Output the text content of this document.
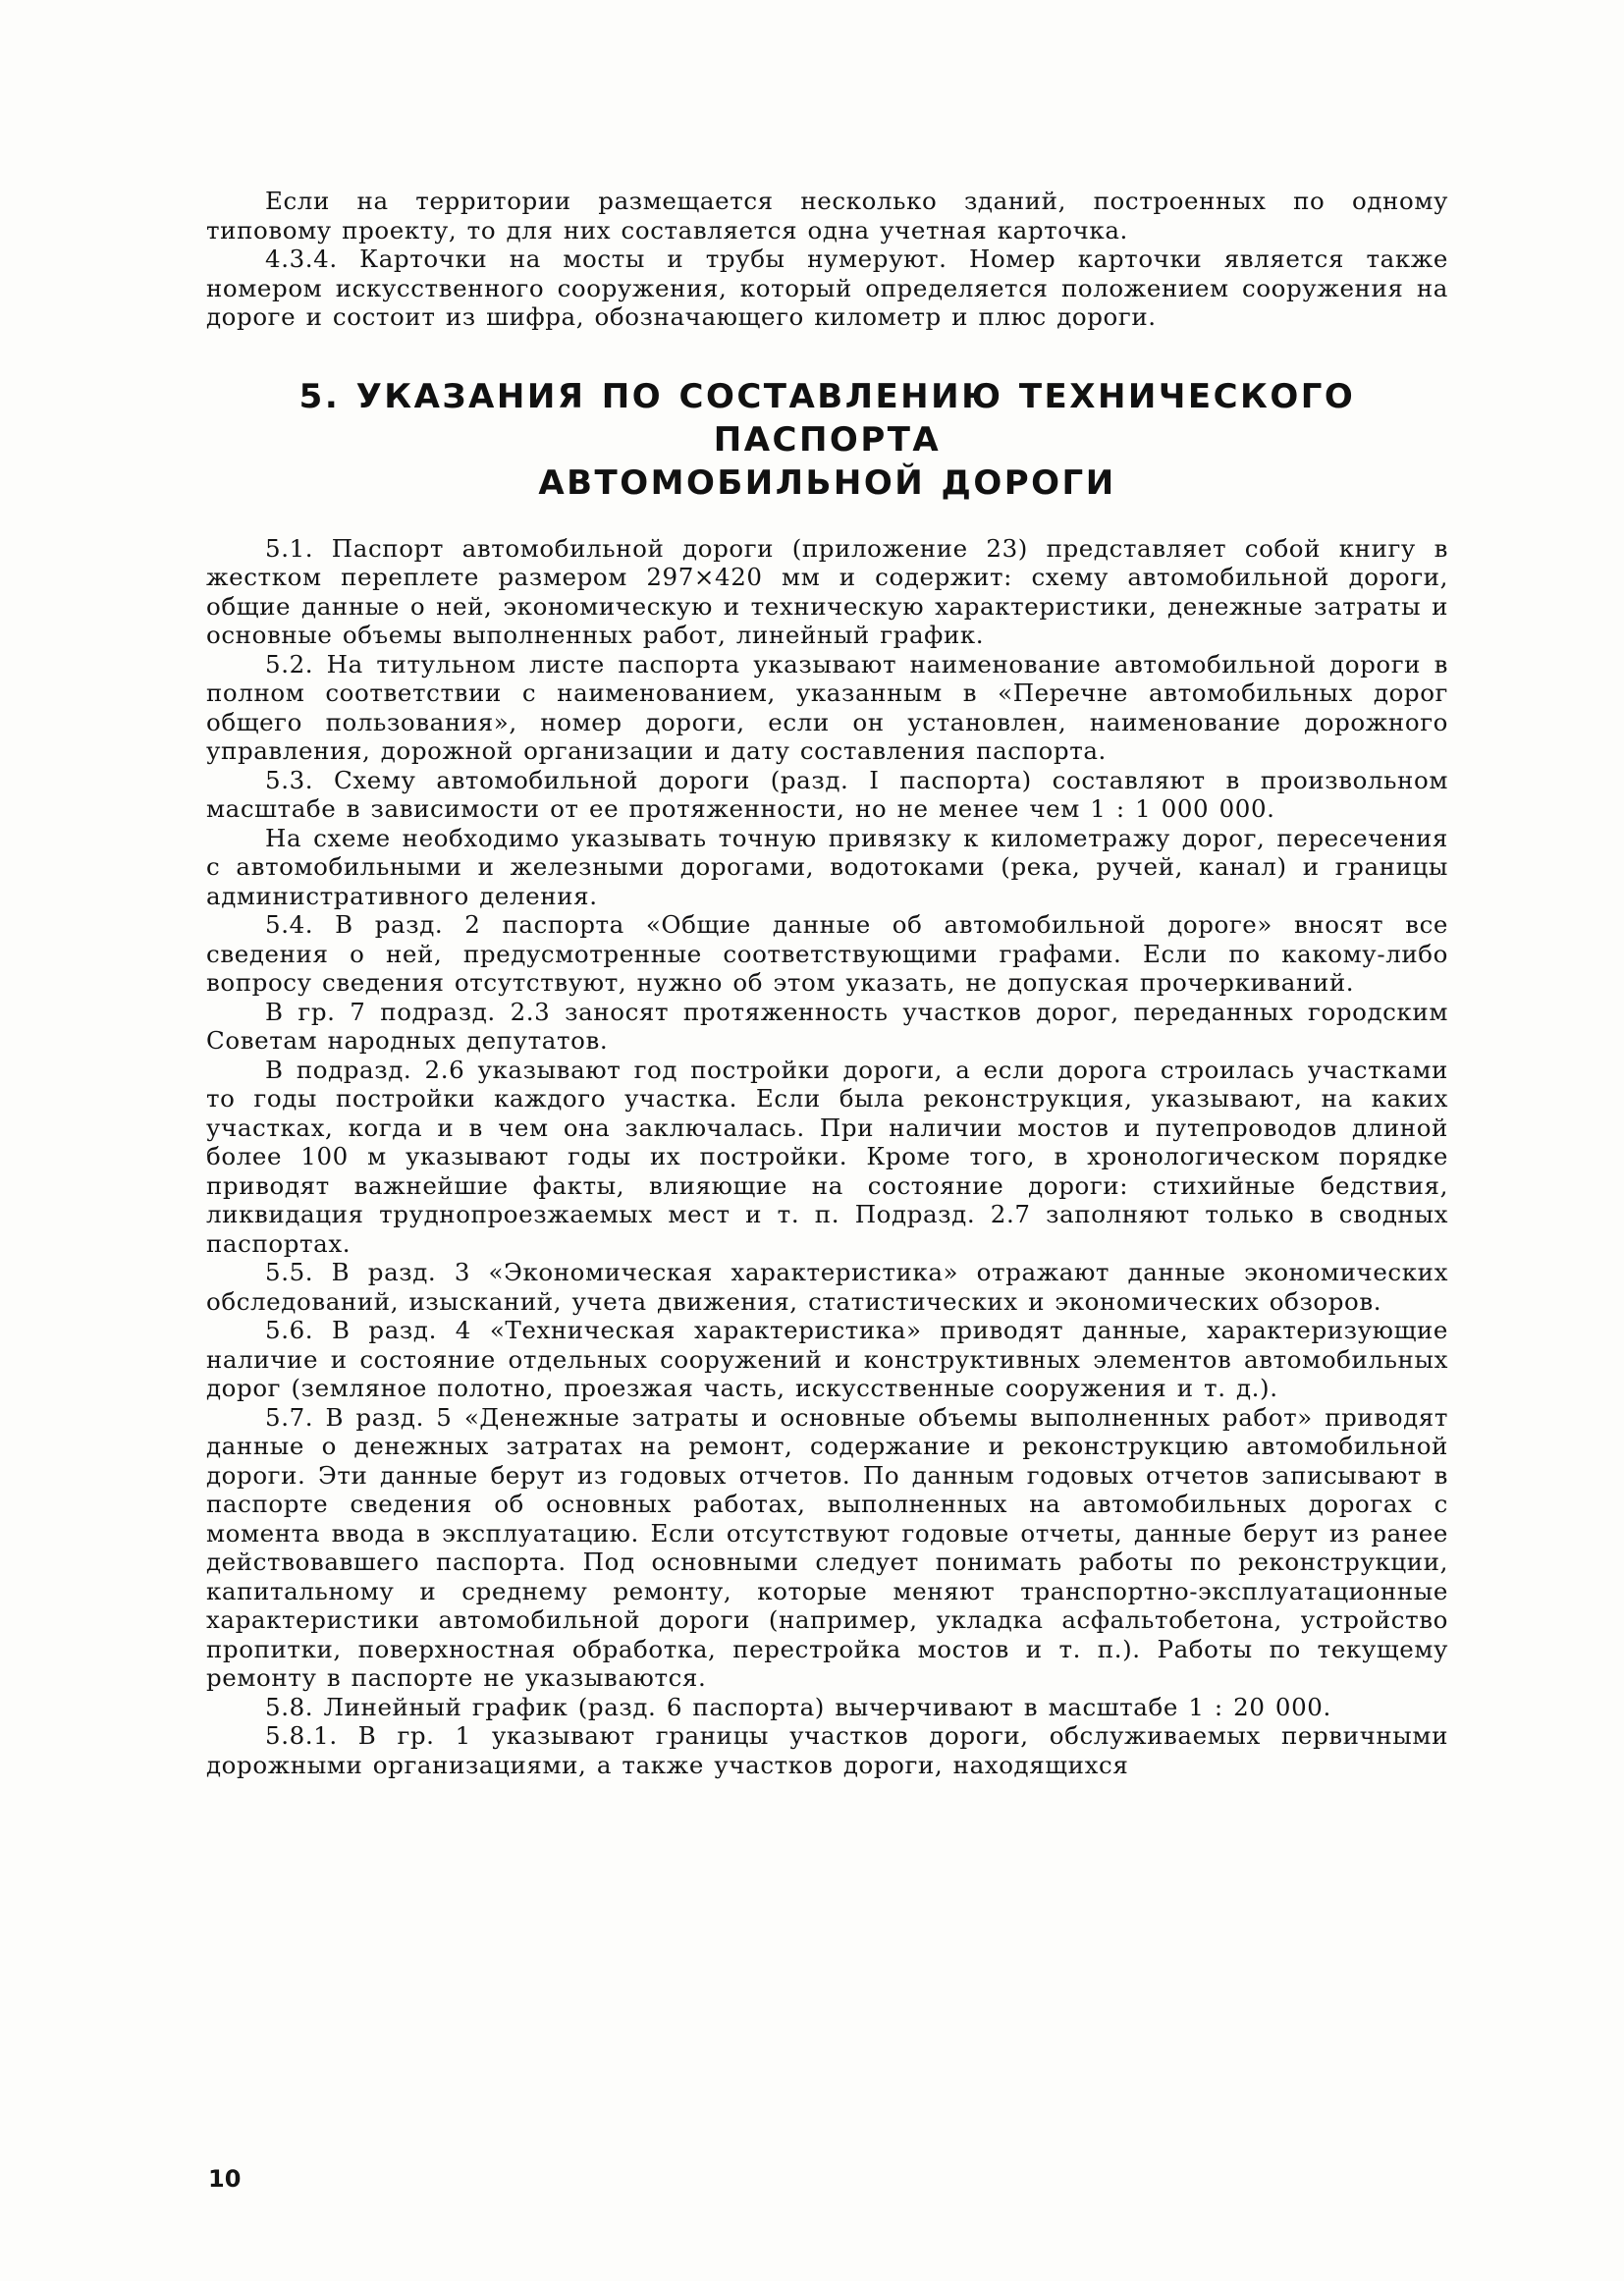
Если на территории размещается несколько зданий, построенных по одному типовому проекту, то для них составляется одна учетная карточка.

4.3.4. Карточки на мосты и трубы нумеруют. Номер карточки является также номером искусственного сооружения, который определяется положением сооружения на дороге и состоит из шифра, обозначающего километр и плюс дороги.

5. УКАЗАНИЯ ПО СОСТАВЛЕНИЮ ТЕХНИЧЕСКОГО ПАСПОРТА
АВТОМОБИЛЬНОЙ ДОРОГИ

5.1. Паспорт автомобильной дороги (приложение 23) представляет собой книгу в жестком переплете размером 297×420 мм и содержит: схему автомобильной дороги, общие данные о ней, экономическую и техническую характеристики, денежные затраты и основные объемы выполненных работ, линейный график.

5.2. На титульном листе паспорта указывают наименование автомобильной дороги в полном соответствии с наименованием, указанным в «Перечне автомобильных дорог общего пользования», номер дороги, если он установлен, наименование дорожного управления, дорожной организации и дату составления паспорта.

5.3. Схему автомобильной дороги (разд. I паспорта) составляют в произвольном масштабе в зависимости от ее протяженности, но не менее чем 1 : 1 000 000.

На схеме необходимо указывать точную привязку к километражу дорог, пересечения с автомобильными и железными дорогами, водотоками (река, ручей, канал) и границы административного деления.

5.4. В разд. 2 паспорта «Общие данные об автомобильной дороге» вносят все сведения о ней, предусмотренные соответствующими графами. Если по какому-либо вопросу сведения отсутствуют, нужно об этом указать, не допуская прочеркиваний.

В гр. 7 подразд. 2.3 заносят протяженность участков дорог, переданных городским Советам народных депутатов.

В подразд. 2.6 указывают год постройки дороги, а если дорога строилась участками то годы постройки каждого участка. Если была реконструкция, указывают, на каких участках, когда и в чем она заключалась. При наличии мостов и путепроводов длиной более 100 м указывают годы их постройки. Кроме того, в хронологическом порядке приводят важнейшие факты, влияющие на состояние дороги: стихийные бедствия, ликвидация труднопроезжаемых мест и т. п. Подразд. 2.7 заполняют только в сводных паспортах.

5.5. В разд. 3 «Экономическая характеристика» отражают данные экономических обследований, изысканий, учета движения, статистических и экономических обзоров.

5.6. В разд. 4 «Техническая характеристика» приводят данные, характеризующие наличие и состояние отдельных сооружений и конструктивных элементов автомобильных дорог (земляное полотно, проезжая часть, искусственные сооружения и т. д.).

5.7. В разд. 5 «Денежные затраты и основные объемы выполненных работ» приводят данные о денежных затратах на ремонт, содержание и реконструкцию автомобильной дороги. Эти данные берут из годовых отчетов. По данным годовых отчетов записывают в паспорте сведения об основных работах, выполненных на автомобильных дорогах с момента ввода в эксплуатацию. Если отсутствуют годовые отчеты, данные берут из ранее действовавшего паспорта. Под основными следует понимать работы по реконструкции, капитальному и среднему ремонту, которые меняют транспортно-эксплуатационные характеристики автомобильной дороги (например, укладка асфальтобетона, устройство пропитки, поверхностная обработка, перестройка мостов и т. п.). Работы по текущему ремонту в паспорте не указываются.

5.8. Линейный график (разд. 6 паспорта) вычерчивают в масштабе 1 : 20 000.

5.8.1. В гр. 1 указывают границы участков дороги, обслуживаемых первичными дорожными организациями, а также участков дороги, находящихся

10
